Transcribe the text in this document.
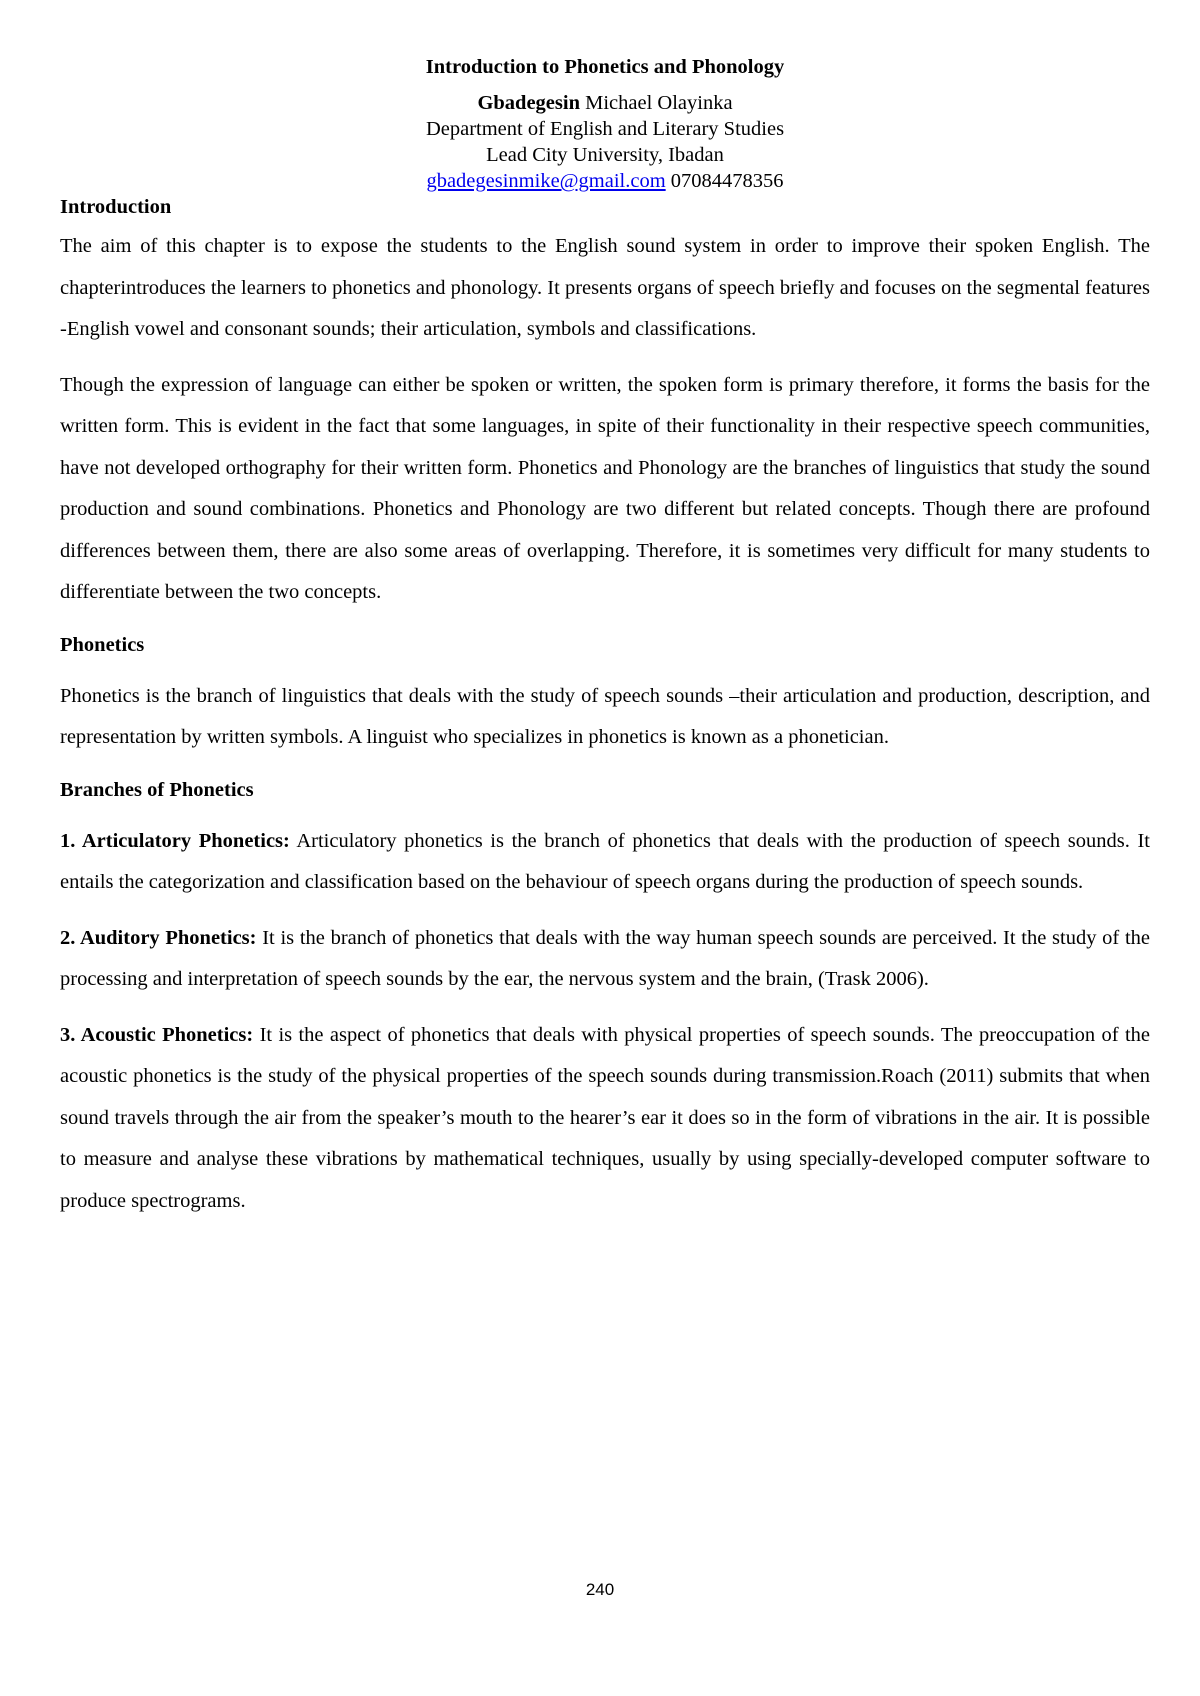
Introduction to Phonetics and Phonology
Gbadegesin Michael Olayinka
Department of English and Literary Studies
Lead City University, Ibadan
gbadegesinmike@gmail.com 07084478356
Introduction

The aim of this chapter is to expose the students to the English sound system in order to improve their spoken English. The chapterintroduces the learners to phonetics and phonology. It presents organs of speech briefly and focuses on the segmental features -English vowel and consonant sounds; their articulation, symbols and classifications.

Though the expression of language can either be spoken or written, the spoken form is primary therefore, it forms the basis for the written form. This is evident in the fact that some languages, in spite of their functionality in their respective speech communities, have not developed orthography for their written form. Phonetics and Phonology are the branches of linguistics that study the sound production and sound combinations. Phonetics and Phonology are two different but related concepts. Though there are profound differences between them, there are also some areas of overlapping. Therefore, it is sometimes very difficult for many students to differentiate between the two concepts.

Phonetics

Phonetics is the branch of linguistics that deals with the study of speech sounds –their articulation and production, description, and representation by written symbols. A linguist who specializes in phonetics is known as a phonetician.

Branches of Phonetics

1. Articulatory Phonetics: Articulatory phonetics is the branch of phonetics that deals with the production of speech sounds. It entails the categorization and classification based on the behaviour of speech organs during the production of speech sounds.

2. Auditory Phonetics: It is the branch of phonetics that deals with the way human speech sounds are perceived. It the study of the processing and interpretation of speech sounds by the ear, the nervous system and the brain, (Trask 2006).

3. Acoustic Phonetics: It is the aspect of phonetics that deals with physical properties of speech sounds. The preoccupation of the acoustic phonetics is the study of the physical properties of the speech sounds during transmission.Roach (2011) submits that when sound travels through the air from the speaker’s mouth to the hearer’s ear it does so in the form of vibrations in the air. It is possible to measure and analyse these vibrations by mathematical techniques, usually by using specially-developed computer software to produce spectrograms.

240
